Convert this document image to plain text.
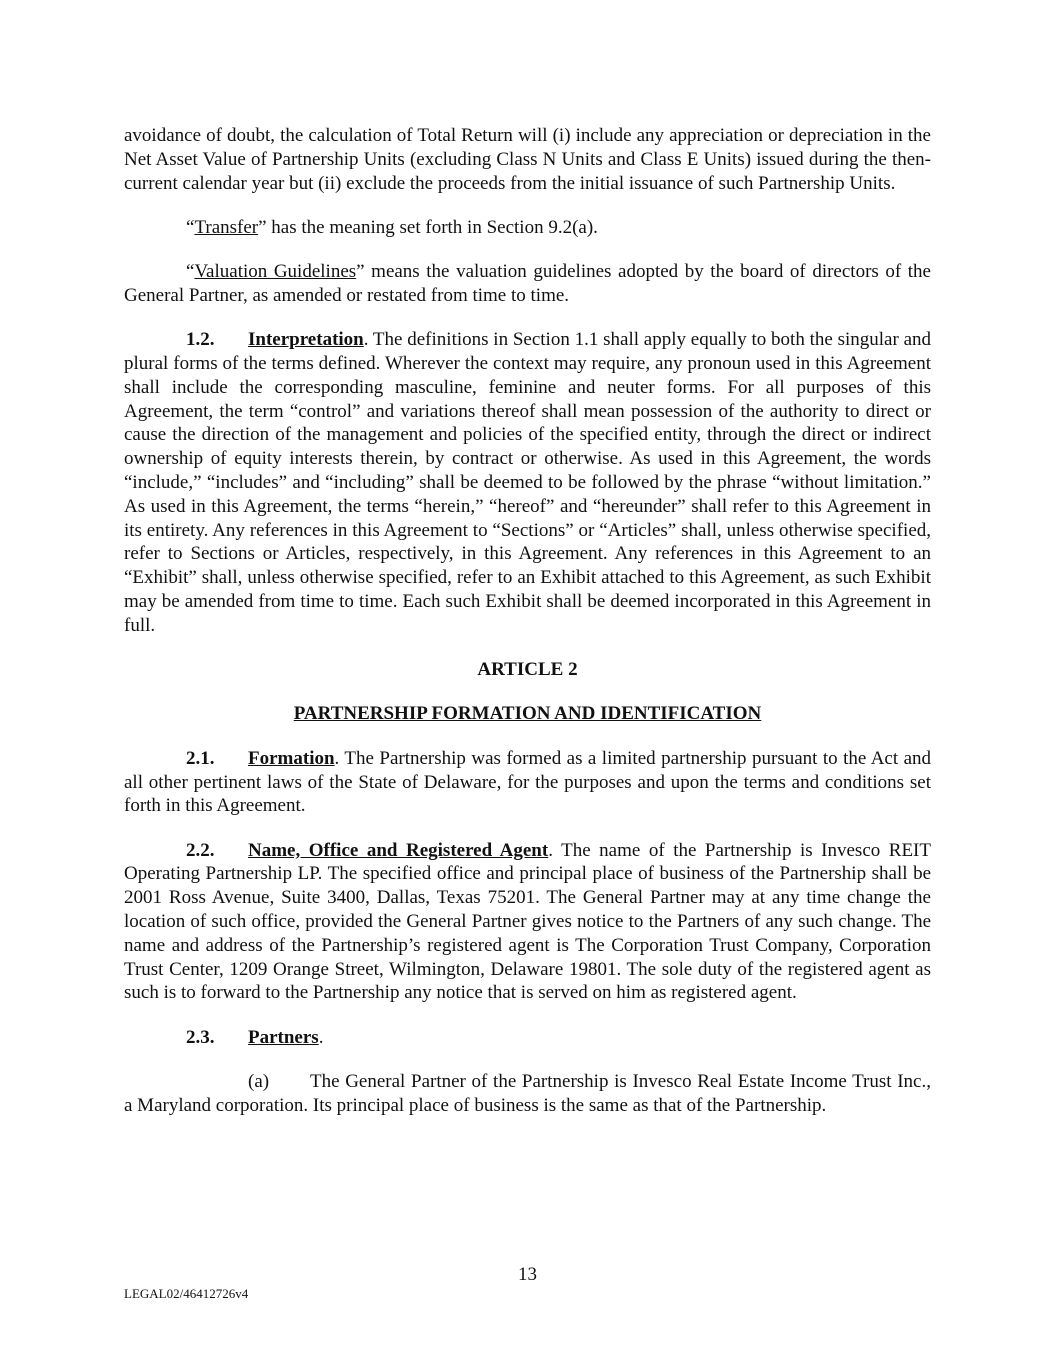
avoidance of doubt, the calculation of Total Return will (i) include any appreciation or depreciation in the Net Asset Value of Partnership Units (excluding Class N Units and Class E Units) issued during the then-current calendar year but (ii) exclude the proceeds from the initial issuance of such Partnership Units.

“Transfer” has the meaning set forth in Section 9.2(a).

“Valuation Guidelines” means the valuation guidelines adopted by the board of directors of the General Partner, as amended or restated from time to time.

1.2. Interpretation. The definitions in Section 1.1 shall apply equally to both the singular and plural forms of the terms defined. Wherever the context may require, any pronoun used in this Agreement shall include the corresponding masculine, feminine and neuter forms. For all purposes of this Agreement, the term “control” and variations thereof shall mean possession of the authority to direct or cause the direction of the management and policies of the specified entity, through the direct or indirect ownership of equity interests therein, by contract or otherwise. As used in this Agreement, the words “include,” “includes” and “including” shall be deemed to be followed by the phrase “without limitation.” As used in this Agreement, the terms “herein,” “hereof” and “hereunder” shall refer to this Agreement in its entirety. Any references in this Agreement to “Sections” or “Articles” shall, unless otherwise specified, refer to Sections or Articles, respectively, in this Agreement. Any references in this Agreement to an “Exhibit” shall, unless otherwise specified, refer to an Exhibit attached to this Agreement, as such Exhibit may be amended from time to time. Each such Exhibit shall be deemed incorporated in this Agreement in full.

ARTICLE 2
PARTNERSHIP FORMATION AND IDENTIFICATION

2.1. Formation. The Partnership was formed as a limited partnership pursuant to the Act and all other pertinent laws of the State of Delaware, for the purposes and upon the terms and conditions set forth in this Agreement.

2.2. Name, Office and Registered Agent. The name of the Partnership is Invesco REIT Operating Partnership LP. The specified office and principal place of business of the Partnership shall be 2001 Ross Avenue, Suite 3400, Dallas, Texas 75201. The General Partner may at any time change the location of such office, provided the General Partner gives notice to the Partners of any such change. The name and address of the Partnership’s registered agent is The Corporation Trust Company, Corporation Trust Center, 1209 Orange Street, Wilmington, Delaware 19801. The sole duty of the registered agent as such is to forward to the Partnership any notice that is served on him as registered agent.

2.3. Partners.

(a) The General Partner of the Partnership is Invesco Real Estate Income Trust Inc., a Maryland corporation. Its principal place of business is the same as that of the Partnership.

13
LEGAL02/46412726v4
